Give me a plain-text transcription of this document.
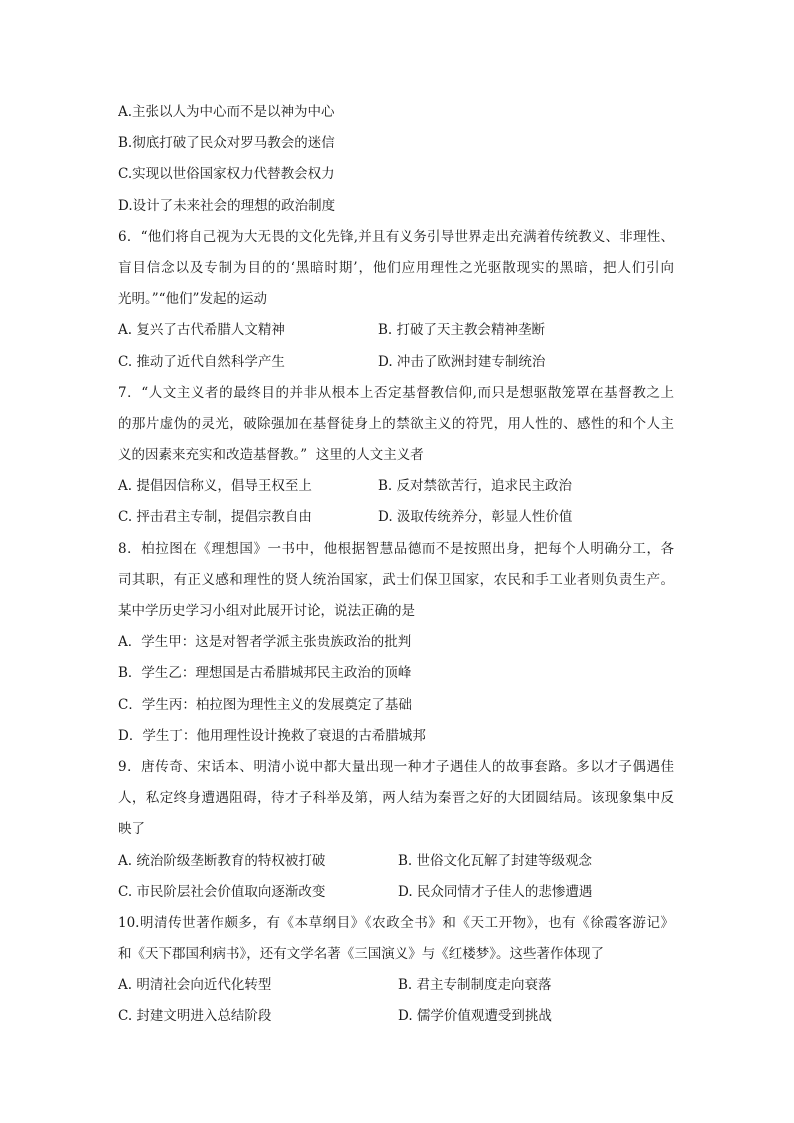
A.主张以人为中心而不是以神为中心
B.彻底打破了民众对罗马教会的迷信
C.实现以世俗国家权力代替教会权力
D.设计了未来社会的理想的政治制度
6．“他们将自己视为大无畏的文化先锋,并且有义务引导世界走出充满着传统教义、非理性、
盲目信念以及专制为目的的‘黑暗时期’，他们应用理性之光驱散现实的黑暗，把人们引向
光明。”“他们”发起的运动
A. 复兴了古代希腊人文精神	B. 打破了天主教会精神垄断
C. 推动了近代自然科学产生	D. 冲击了欧洲封建专制统治
7．“人文主义者的最终目的并非从根本上否定基督教信仰,而只是想驱散笼罩在基督教之上
的那片虚伪的灵光，破除强加在基督徒身上的禁欲主义的符咒，用人性的、感性的和个人主
义的因素来充实和改造基督教。”  这里的人文主义者
A. 提倡因信称义，倡导王权至上	B. 反对禁欲苦行，追求民主政治
C. 抨击君主专制，提倡宗教自由	D. 汲取传统养分，彰显人性价值
8．柏拉图在《理想国》一书中，他根据智慧品德而不是按照出身，把每个人明确分工，各
司其职，有正义感和理性的贤人统治国家，武士们保卫国家，农民和手工业者则负责生产。
某中学历史学习小组对此展开讨论，说法正确的是
A．学生甲：这是对智者学派主张贵族政治的批判
B．学生乙：理想国是古希腊城邦民主政治的顶峰
C．学生丙：柏拉图为理性主义的发展奠定了基础
D．学生丁：他用理性设计挽救了衰退的古希腊城邦
9．唐传奇、宋话本、明清小说中都大量出现一种才子遇佳人的故事套路。多以才子偶遇佳
人，私定终身遭遇阻碍，待才子科举及第，两人结为秦晋之好的大团圆结局。该现象集中反
映了
A. 统治阶级垄断教育的特权被打破	B. 世俗文化瓦解了封建等级观念
C. 市民阶层社会价值取向逐渐改变	D. 民众同情才子佳人的悲惨遭遇
10.明清传世著作颇多，有《本草纲目》《农政全书》和《天工开物》，也有《徐霞客游记》
和《天下郡国利病书》，还有文学名著《三国演义》与《红楼梦》。这些著作体现了
A. 明清社会向近代化转型	B. 君主专制制度走向衰落
C. 封建文明进入总结阶段	D. 儒学价值观遭受到挑战
